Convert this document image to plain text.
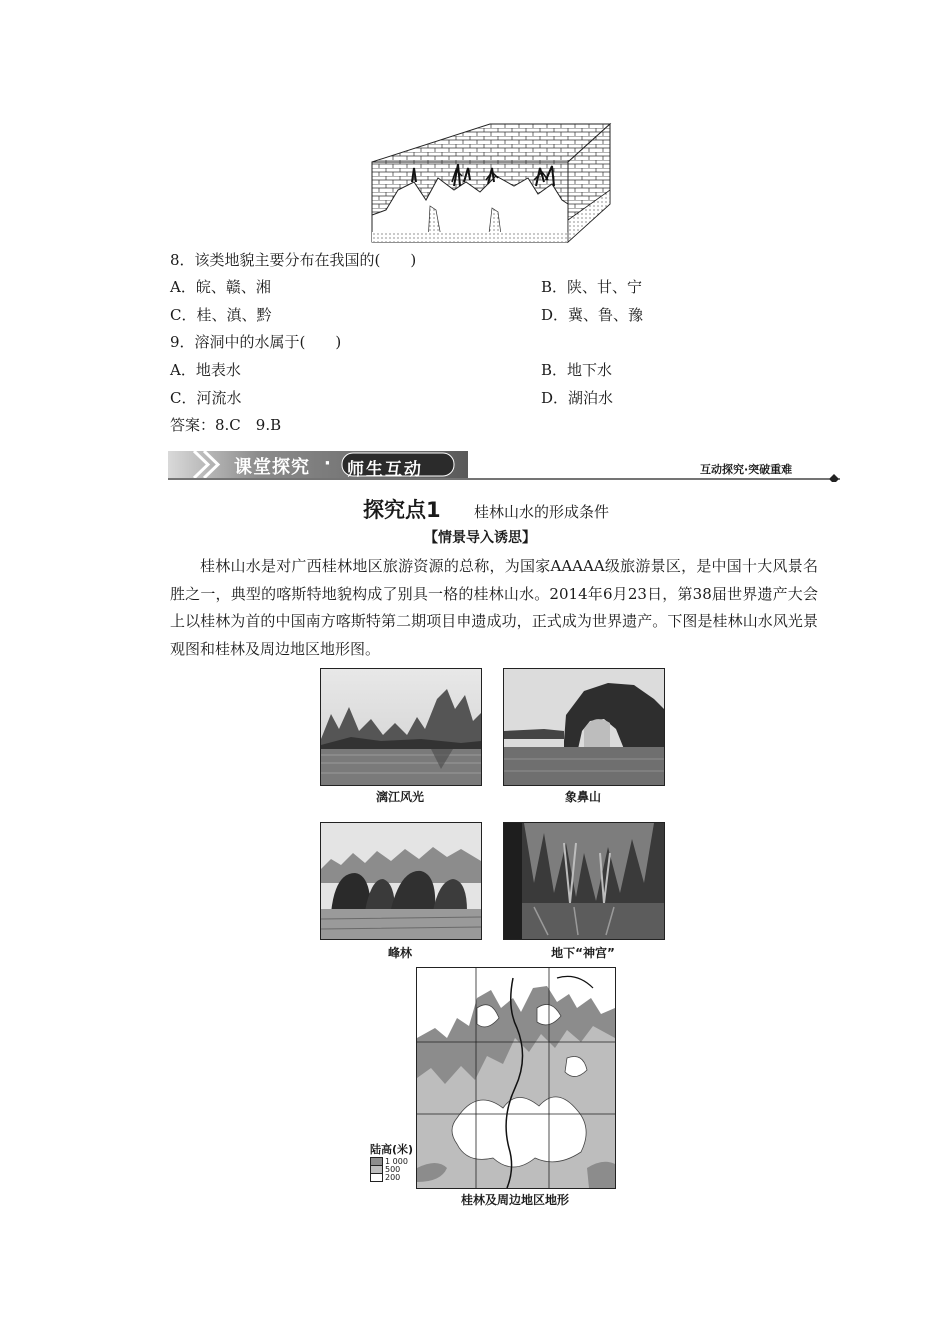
8．该类地貌主要分布在我国的(　　)
A．皖、赣、湘	B．陕、甘、宁
C．桂、滇、黔	D．冀、鲁、豫
9．溶洞中的水属于(　　)
A．地表水	B．地下水
C．河流水	D．湖泊水
答案：8.C　9.B
课堂探究 · 师生互动	互动探究·突破重难
探究点1 桂林山水的形成条件
【情景导入诱思】
桂林山水是对广西桂林地区旅游资源的总称，为国家AAAAA级旅游景区，是中国十大风景名胜之一，典型的喀斯特地貌构成了别具一格的桂林山水。2014年6月23日，第38届世界遗产大会上以桂林为首的中国南方喀斯特第二期项目申遗成功，正式成为世界遗产。下图是桂林山水风光景观图和桂林及周边地区地形图。
漓江风光	象鼻山
峰林	地下“神宫”
陆高(米)
1 000
500
200
桂林及周边地区地形
